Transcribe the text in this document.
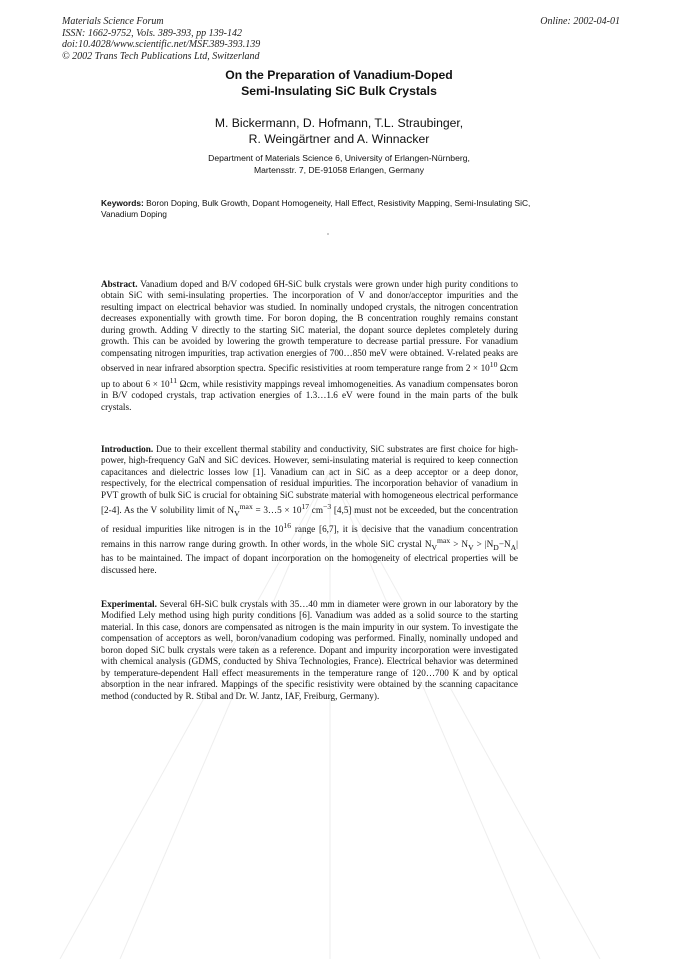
Materials Science Forum
ISSN: 1662-9752, Vols. 389-393, pp 139-142
doi:10.4028/www.scientific.net/MSF.389-393.139
© 2002 Trans Tech Publications Ltd, Switzerland
Online: 2002-04-01
On the Preparation of Vanadium-Doped
Semi-Insulating SiC Bulk Crystals
M. Bickermann, D. Hofmann, T.L. Straubinger,
R. Weingärtner and A. Winnacker
Department of Materials Science 6, University of Erlangen-Nürnberg,
Martensstr. 7, DE-91058 Erlangen, Germany
Keywords: Boron Doping, Bulk Growth, Dopant Homogeneity, Hall Effect, Resistivity Mapping, Semi-Insulating SiC, Vanadium Doping

Abstract. Vanadium doped and B/V codoped 6H-SiC bulk crystals were grown under high purity conditions to obtain SiC with semi-insulating properties. The incorporation of V and donor/acceptor impurities and the resulting impact on electrical behavior was studied. In nominally undoped crystals, the nitrogen concentration decreases exponentially with growth time. For boron doping, the B concentration roughly remains constant during growth. Adding V directly to the starting SiC material, the dopant source depletes completely during growth. This can be avoided by lowering the growth temperature to decrease partial pressure. For vanadium compensating nitrogen impurities, trap activation energies of 700…850 meV were obtained. V-related peaks are observed in near infrared absorption spectra. Specific resistivities at room temperature range from $2 \times 10^{10}$ Ωcm up to about $6 \times 10^{11}$ Ωcm, while resistivity mappings reveal imhomogeneities. As vanadium compensates boron in B/V codoped crystals, trap activation energies of 1.3…1.6 eV were found in the main parts of the bulk crystals.

Introduction. Due to their excellent thermal stability and conductivity, SiC substrates are first choice for high-power, high-frequency GaN and SiC devices. However, semi-insulating material is required to keep connection capacitances and dielectric losses low [1]. Vanadium can act in SiC as a deep acceptor or a deep donor, respectively, for the electrical compensation of residual impurities. The incorporation behavior of vanadium in PVT growth of bulk SiC is crucial for obtaining SiC substrate material with homogeneous electrical performance [2-4]. As the V solubility limit of $N_V^{max}$ = 3…5 × $10^{17}$ $cm^{-3}$ [4,5] must not be exceeded, but the concentration of residual impurities like nitrogen is in the $10^{16}$ range [6,7], it is decisive that the vanadium concentration remains in this narrow range during growth. In other words, in the whole SiC crystal $N_V^{max} > N_V > |N_D-N_A|$ has to be maintained. The impact of dopant incorporation on the homogeneity of electrical properties will be discussed here.

Experimental. Several 6H-SiC bulk crystals with 35…40 mm in diameter were grown in our laboratory by the Modified Lely method using high purity conditions [6]. Vanadium was added as a solid source to the starting material. In this case, donors are compensated as nitrogen is the main impurity in our system. To investigate the compensation of acceptors as well, boron/vanadium codoping was performed. Finally, nominally undoped and boron doped SiC bulk crystals were taken as a reference. Dopant and impurity incorporation were investigated with chemical analysis (GDMS, conducted by Shiva Technologies, France). Electrical behavior was determined by temperature-dependent Hall effect measurements in the temperature range of 120…700 K and by optical absorption in the near infrared. Mappings of the specific resistivity were obtained by the scanning capacitance method (conducted by R. Stibal and Dr. W. Jantz, IAF, Freiburg, Germany).
